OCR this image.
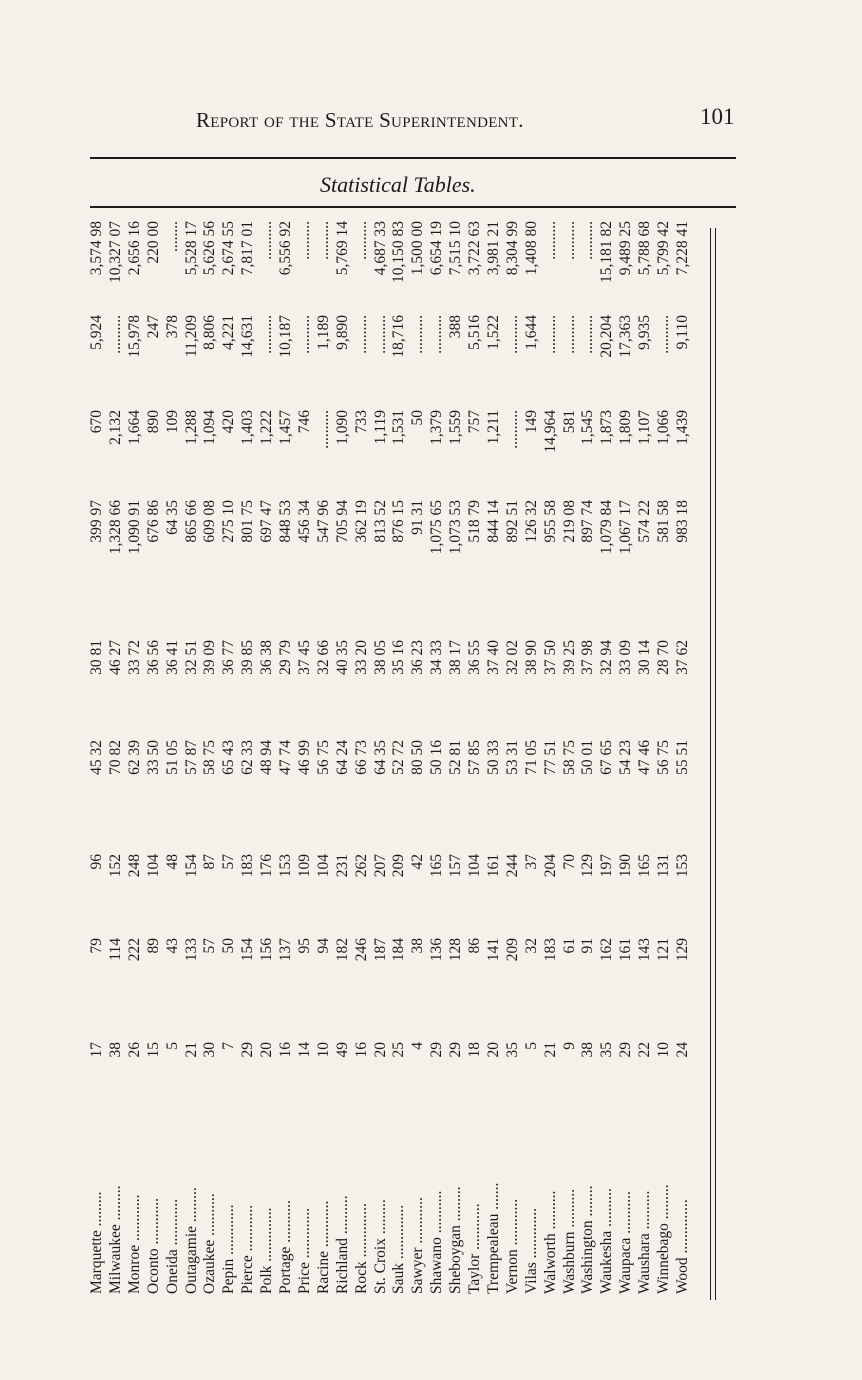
Report of the State Superintendent.	101
Statistical Tables.
Marquette .........
17
79
96
45 32
30 81
399 97
670
5,924
3,574 98
Milwaukee .........
38
114
152
70 82
46 27
1,328 66
2,132
..........
10,327 07
Monroe ............
26
222
248
62 39
33 72
1,090 91
1,664
15,978
2,656 16
Oconto ............
15
89
104
33 50
36 56
676 86
890
247
220 00
Oneida ............
5
43
48
51 05
36 41
64 35
109
378
........
Outagamie .........
21
133
154
57 87
32 51
865 66
1,288
11,209
5,528 17
Ozaukee ...........
30
57
87
58 75
39 09
609 08
1,094
8,806
5,626 56
Pepin .............
7
50
57
65 43
36 77
275 10
420
4,221
2,674 55
Pierce ............
29
154
183
62 33
39 85
801 75
1,403
14,631
7,817 01
Polk ..............
20
156
176
48 94
36 38
697 47
1,222
..........
..........
Portage ...........
16
137
153
47 74
29 79
848 53
1,457
10,187
6,556 92
Price .............
14
95
109
46 99
37 45
456 34
746
..........
..........
Racine ............
10
94
104
56 75
32 66
547 96
..........
1,189
..........
Richland ..........
49
182
231
64 24
40 35
705 94
1,090
9,890
5,769 14
Rock ..............
16
246
262
66 73
33 20
362 19
733
..........
..........
St. Croix .........
20
187
207
64 35
38 05
813 52
1,119
..........
4,687 33
Sauk ..............
25
184
209
52 72
35 16
876 15
1,531
18,716
10,150 83
Sawyer ............
4
38
42
80 50
36 23
91 31
50
..........
1,500 00
Shawano ...........
29
136
165
50 16
34 33
1,075 65
1,379
..........
6,654 19
Sheboygan .........
29
128
157
52 81
38 17
1,073 53
1,559
388
7,515 10
Taylor ............
18
86
104
57 85
36 55
518 79
757
5,516
3,722 63
Trempealeau .......
20
141
161
50 33
37 40
844 14
1,211
1,522
3,981 21
Vernon ............
35
209
244
53 31
32 02
892 51
..........
..........
8,304 99
Vilas .............
5
32
37
71 05
38 90
126 32
149
1,644
1,408 80
Walworth ..........
21
183
204
77 51
37 50
955 58
14,964
..........
..........
Washburn ..........
9
61
70
58 75
39 25
219 08
581
..........
..........
Washington ........
38
91
129
50 01
37 98
897 74
1,545
..........
..........
Waukesha ..........
35
162
197
67 65
32 94
1,079 84
1,873
20,204
15,181 82
Waupaca ...........
29
161
190
54 23
33 09
1,067 17
1,809
17,363
9,489 25
Waushara ..........
22
143
165
47 46
30 14
574 22
1,107
9,935
5,788 68
Winnebago .........
10
121
131
56 75
28 70
581 58
1,066
..........
5,799 42
Wood ..............
24
129
153
55 51
37 62
983 18
1,439
9,110
7,228 41
